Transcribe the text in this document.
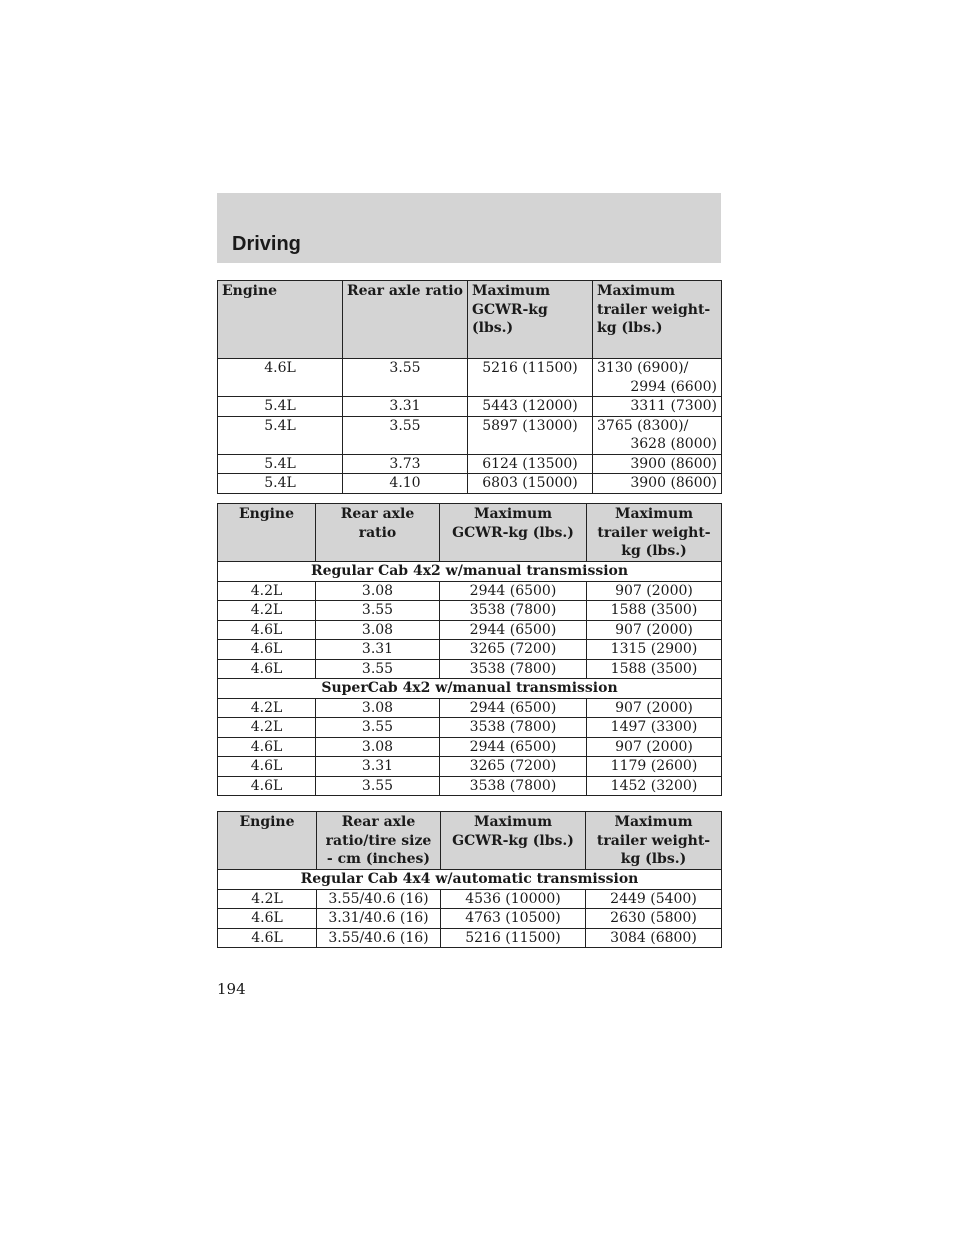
Driving
Engine	Rear axle ratio	Maximum GCWR-kg (lbs.)	Maximum trailer weight-kg (lbs.)
4.6L	3.55	5216 (11500)	3130 (6900)/
2994 (6600)

5.4L	3.31	5443 (12000)	3311 (7300)
5.4L	3.55	5897 (13000)	3765 (8300)/
3628 (8000)

5.4L	3.73	6124 (13500)	3900 (8600)
5.4L	4.10	6803 (15000)	3900 (8600)
Engine	Rear axle ratio	Maximum GCWR-kg (lbs.)	Maximum trailer weight-kg (lbs.)
Regular Cab 4x2 w/manual transmission			
4.2L	3.08	2944 (6500)	907 (2000)
4.2L	3.55	3538 (7800)	1588 (3500)
4.6L	3.08	2944 (6500)	907 (2000)
4.6L	3.31	3265 (7200)	1315 (2900)
4.6L	3.55	3538 (7800)	1588 (3500)
SuperCab 4x2 w/manual transmission			
4.2L	3.08	2944 (6500)	907 (2000)
4.2L	3.55	3538 (7800)	1497 (3300)
4.6L	3.08	2944 (6500)	907 (2000)
4.6L	3.31	3265 (7200)	1179 (2600)
4.6L	3.55	3538 (7800)	1452 (3200)
Engine	Rear axle ratio/tire size - cm (inches)	Maximum GCWR-kg (lbs.)	Maximum trailer weight-kg (lbs.)
Regular Cab 4x4 w/automatic transmission			
4.2L	3.55/40.6 (16)	4536 (10000)	2449 (5400)
4.6L	3.31/40.6 (16)	4763 (10500)	2630 (5800)
4.6L	3.55/40.6 (16)	5216 (11500)	3084 (6800)
194
